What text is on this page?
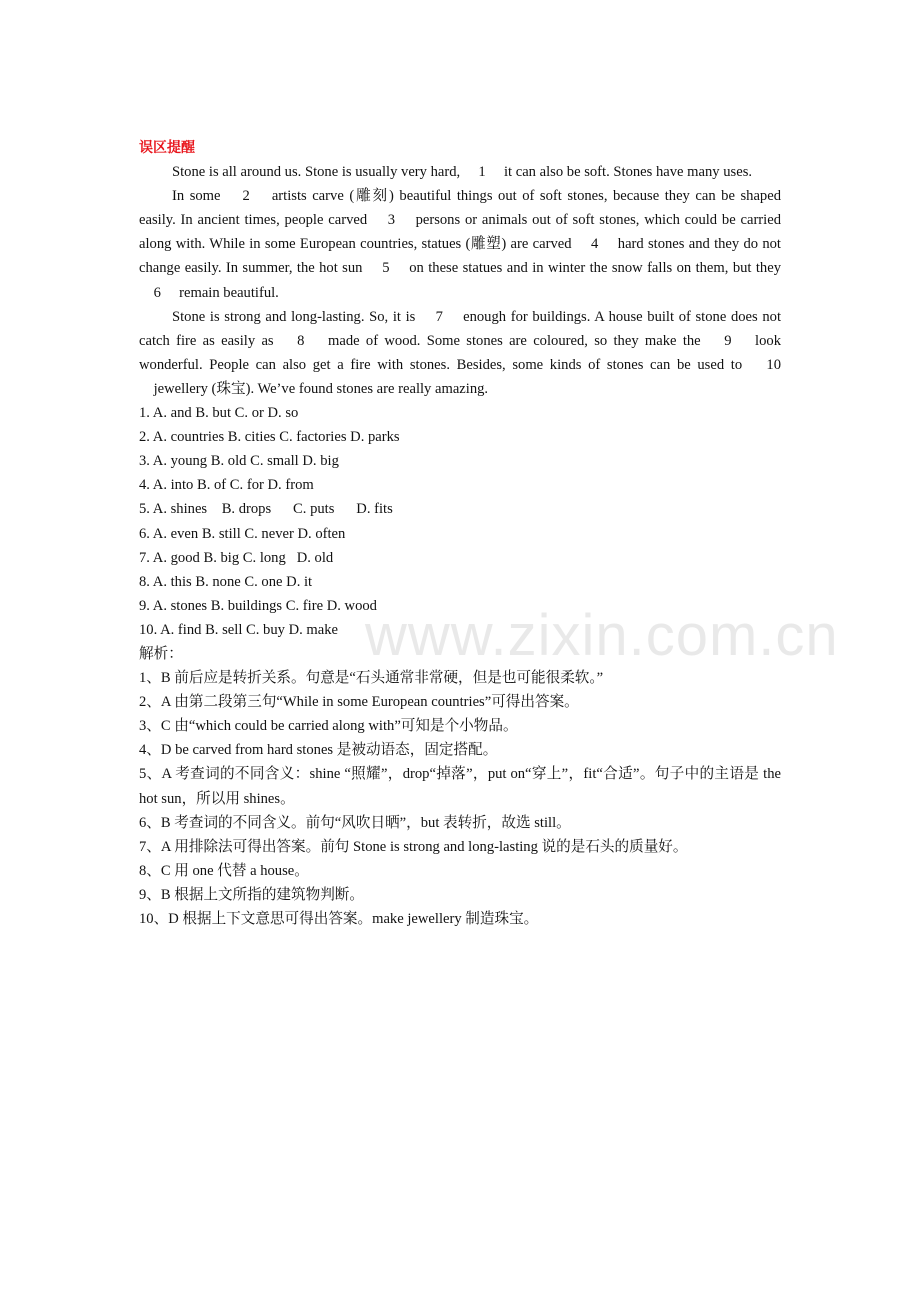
误区提醒

Stone is all around us. Stone is usually very hard, 　1 　it can also be soft. Stones have many uses.

In some 　2 　artists carve (雕刻) beautiful things out of soft stones, because they can be shaped easily. In ancient times, people carved 　3 　persons or animals out of soft stones, which could be carried along with. While in some European countries, statues (雕塑) are carved 　4 　hard stones and they do not change easily. In summer, the hot sun 　5 　on these statues and in winter the snow falls on them, but they 　6 　remain beautiful.

Stone is strong and long-lasting. So, it is 　7 　enough for buildings. A house built of stone does not catch fire as easily as 　8 　made of wood. Some stones are coloured, so they make the 　9 　look wonderful. People can also get a fire with stones. Besides, some kinds of stones can be used to 　10 　jewellery (珠宝). We’ve found stones are really amazing.

1. A. and B. but C. or D. so

2. A. countries B. cities C. factories D. parks

3. A. young B. old C. small D. big

4. A. into B. of C. for D. from

5. A. shines    B. drops      C. puts      D. fits

6. A. even B. still C. never D. often

7. A. good B. big C. long   D. old

8. A. this B. none C. one D. it

9. A. stones B. buildings C. fire D. wood

10. A. find B. sell C. buy D. make

解析：

1、B 前后应是转折关系。句意是“石头通常非常硬，但是也可能很柔软。”

2、A 由第二段第三句“While in some European countries”可得出答案。

3、C 由“which could be carried along with”可知是个小物品。

4、D be carved from hard stones 是被动语态，固定搭配。

5、A 考查词的不同含义：shine “照耀”，drop“掉落”，put on“穿上”，fit“合适”。句子中的主语是 the hot sun，所以用 shines。

6、B 考查词的不同含义。前句“风吹日晒”，but 表转折，故选 still。

7、A 用排除法可得出答案。前句 Stone is strong and long-lasting 说的是石头的质量好。

8、C 用 one 代替 a house。

9、B 根据上文所指的建筑物判断。

10、D 根据上下文意思可得出答案。make jewellery 制造珠宝。

www.zixin.com.cn
